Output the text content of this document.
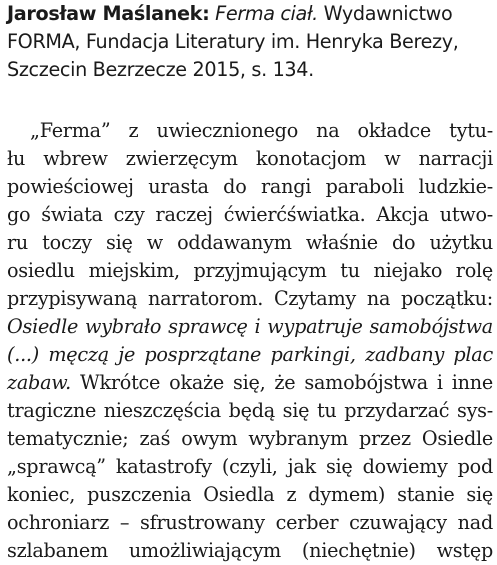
Jarosław Maślanek: Ferma ciał. Wydawnictwo
FORMA, Fundacja Literatury im. Henryka Berezy,
Szczecin Bezrzecze 2015, s. 134.
„Ferma” z uwiecznionego na okładce tytu-
łu wbrew zwierzęcym konotacjom w narracji
powieściowej urasta do rangi paraboli ludzkie-
go świata czy raczej ćwierćświatka. Akcja utwo-
ru toczy się w oddawanym właśnie do użytku
osiedlu miejskim, przyjmującym tu niejako rolę
przypisywaną narratorom. Czytamy na początku:
Osiedle wybrało sprawcę i wypatruje samobójstwa
(...) męczą je posprzątane parkingi, zadbany plac
zabaw. Wkrótce okaże się, że samobójstwa i inne
tragiczne nieszczęścia będą się tu przydarzać sys-
tematycznie; zaś owym wybranym przez Osiedle
„sprawcą” katastrofy (czyli, jak się dowiemy pod
koniec, puszczenia Osiedla z dymem) stanie się
ochroniarz – sfrustrowany cerber czuwający nad
szlabanem umożliwiającym (niechętnie) wstęp
